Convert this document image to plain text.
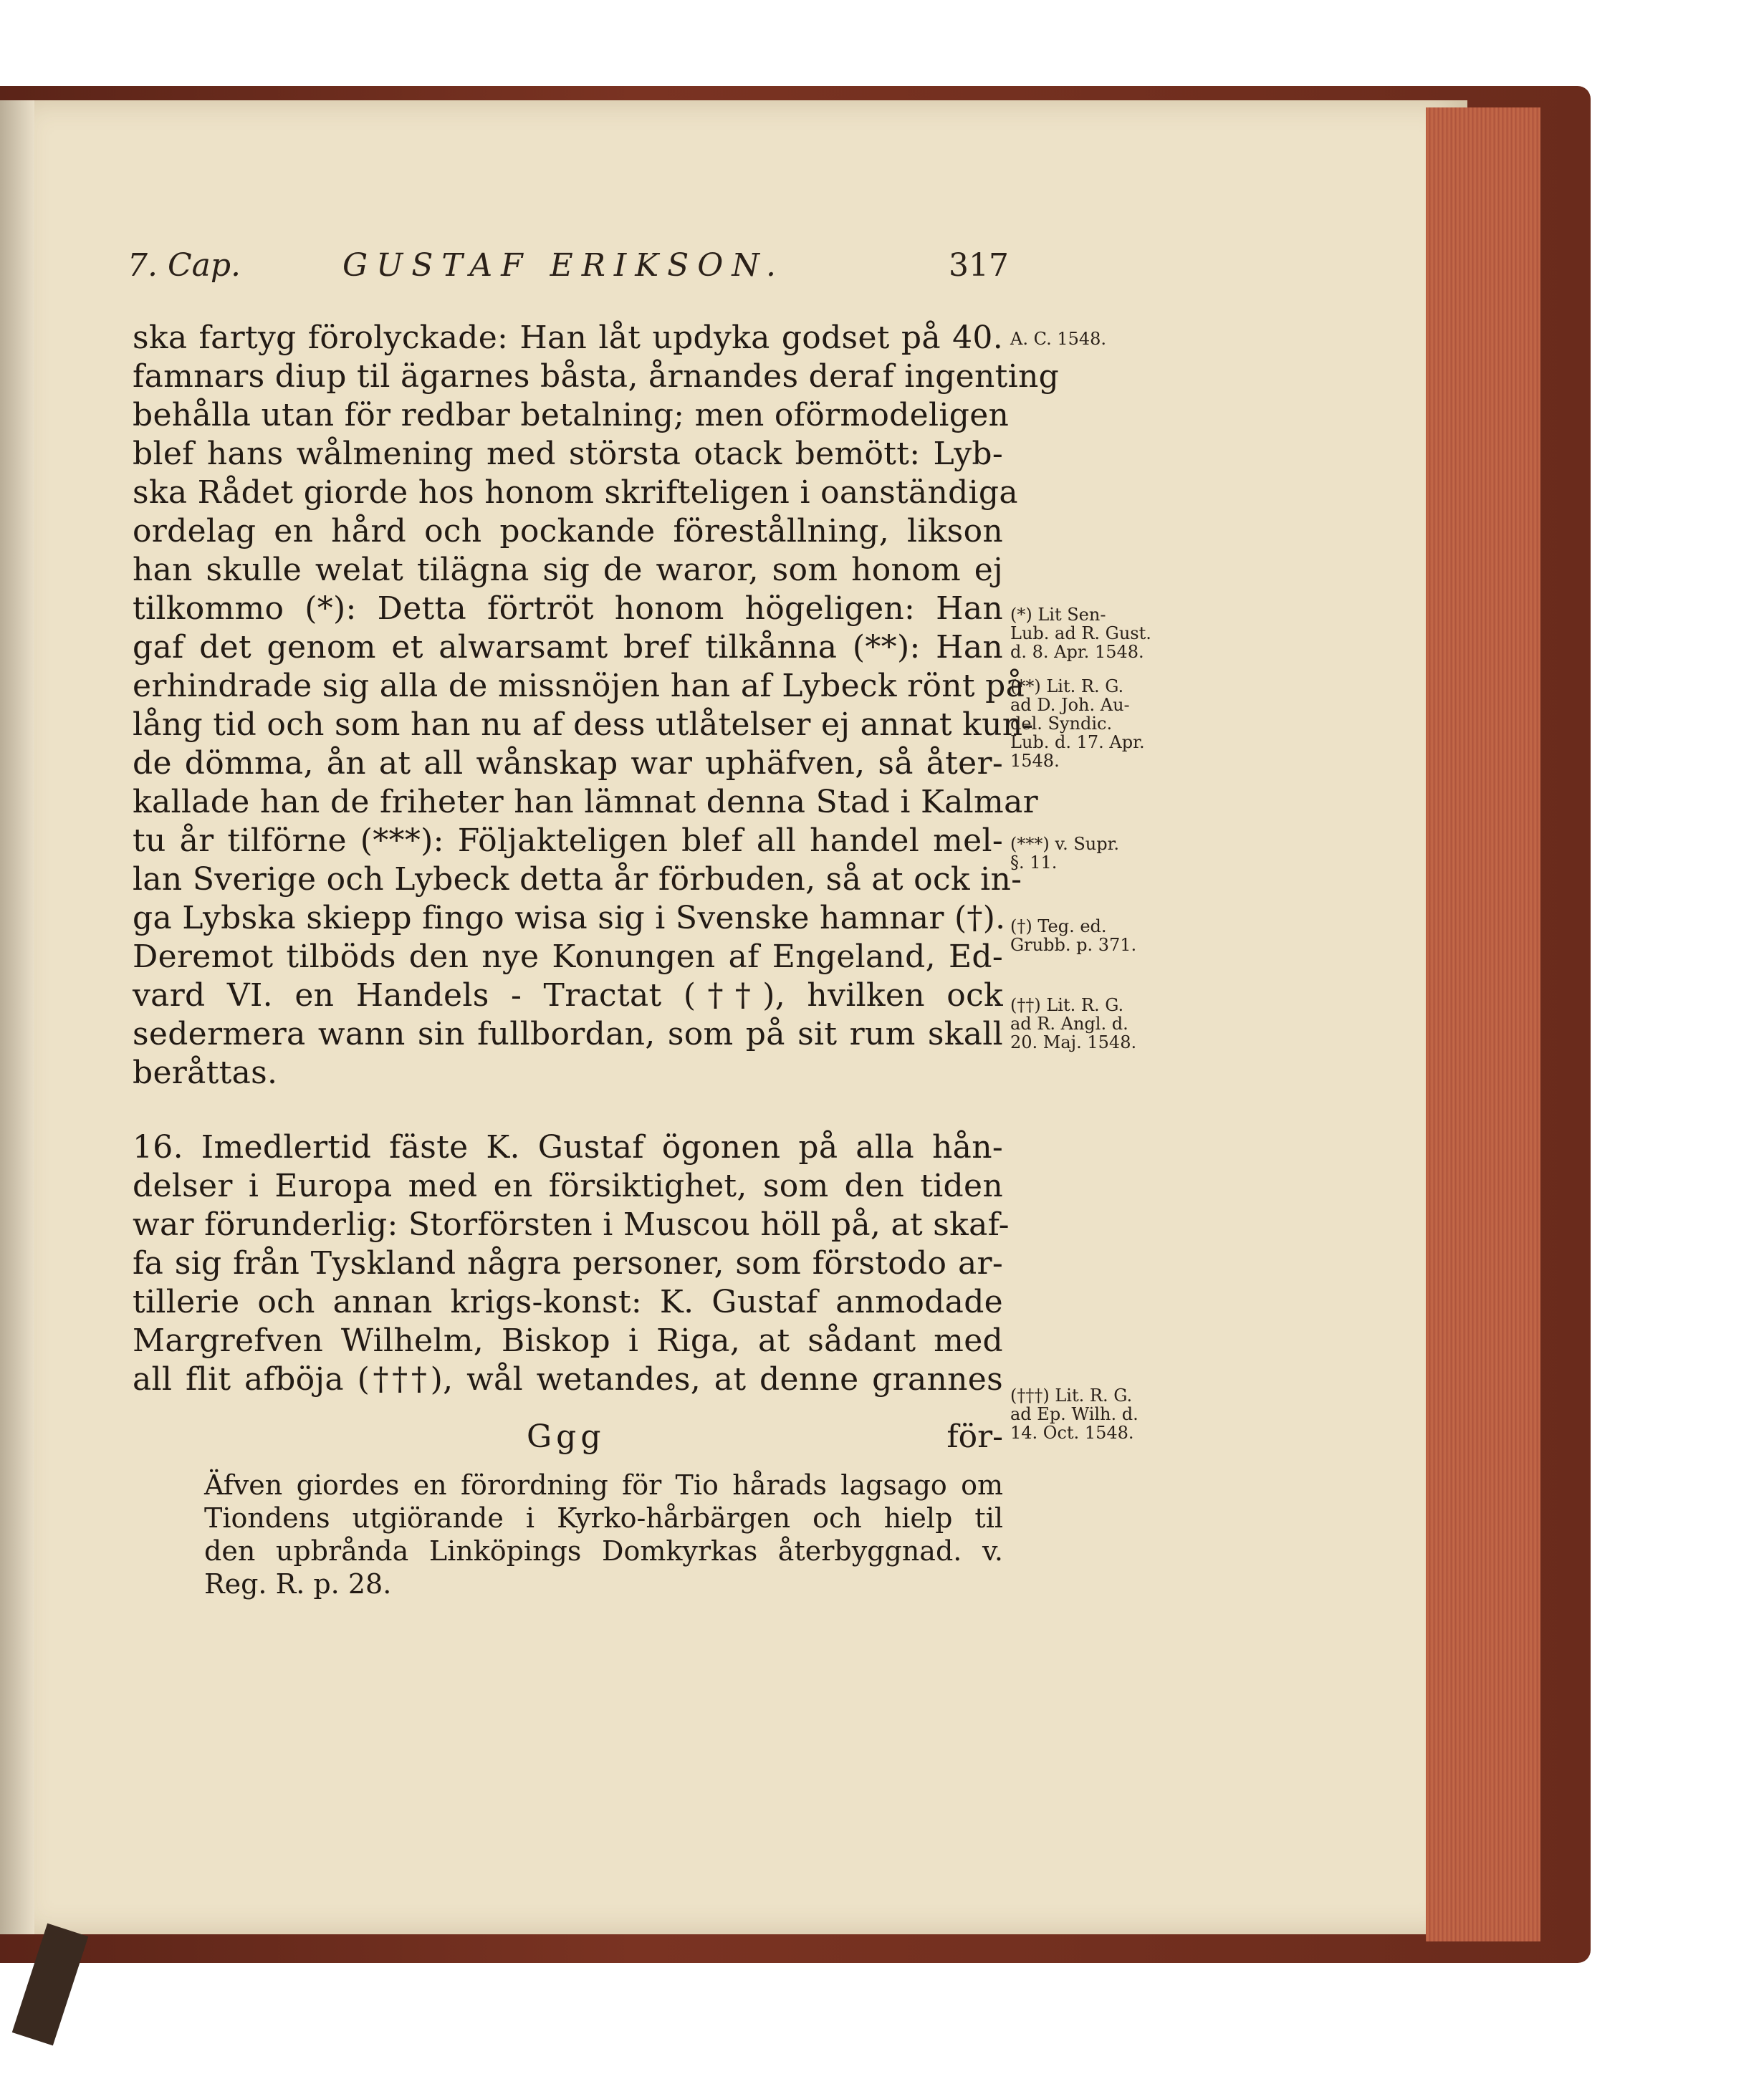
7. Cap.	GUSTAF ERIKSON.	317
ska fartyg förolyckade: Han låt updyka godset på 40.
famnars diup til ägarnes båsta, årnandes deraf ingenting
behålla utan för redbar betalning; men oförmodeligen
blef hans wålmening med största otack bemött: Lyb-
ska Rådet giorde hos honom skrifteligen i oanständiga
ordelag en hård och pockande förestållning, likson
han skulle welat tilägna sig de waror, som honom ej
tilkommo (*): Detta förtröt honom högeligen: Han
gaf det genom et alwarsamt bref tilkånna (**): Han
erhindrade sig alla de missnöjen han af Lybeck rönt på
lång tid och som han nu af dess utlåtelser ej annat kun-
de dömma, ån at all wånskap war uphäfven, så åter-
kallade han de friheter han lämnat denna Stad i Kalmar
tu år tilförne (***): Följakteligen blef all handel mel-
lan Sverige och Lybeck detta år förbuden, så at ock in-
ga Lybska skiepp fingo wisa sig i Svenske hamnar (†).
Deremot tilböds den nye Konungen af Engeland, Ed-
vard VI. en Handels - Tractat (††), hvilken ock
sedermera wann sin fullbordan, som på sit rum skall
beråttas.
16. Imedlertid fäste K. Gustaf ögonen på alla hån-
delser i Europa med en försiktighet, som den tiden
war förunderlig: Storförsten i Muscou höll på, at skaf-
fa sig från Tyskland några personer, som förstodo ar-
tillerie och annan krigs-konst: K. Gustaf anmodade
Margrefven Wilhelm, Biskop i Riga, at sådant med
all flit afböja (†††), wål wetandes, at denne grannes
Ggg	för-
Äfven giordes en förordning för Tio hårads lagsago om
Tiondens utgiörande i Kyrko-hårbärgen och hielp til
den upbrånda Linköpings Domkyrkas återbyggnad. v.
Reg. R. p. 28.
A. C. 1548.
(*) Lit Sen-
Lub. ad R. Gust.
d. 8. Apr. 1548.
(**) Lit. R. G.
ad D. Joh. Au-
del. Syndic.
Lub. d. 17. Apr.
1548.
(***) v. Supr.
§. 11.
(†) Teg. ed.
Grubb. p. 371.
(††) Lit. R. G.
ad R. Angl. d.
20. Maj. 1548.
(†††) Lit. R. G.
ad Ep. Wilh. d.
14. Oct. 1548.
